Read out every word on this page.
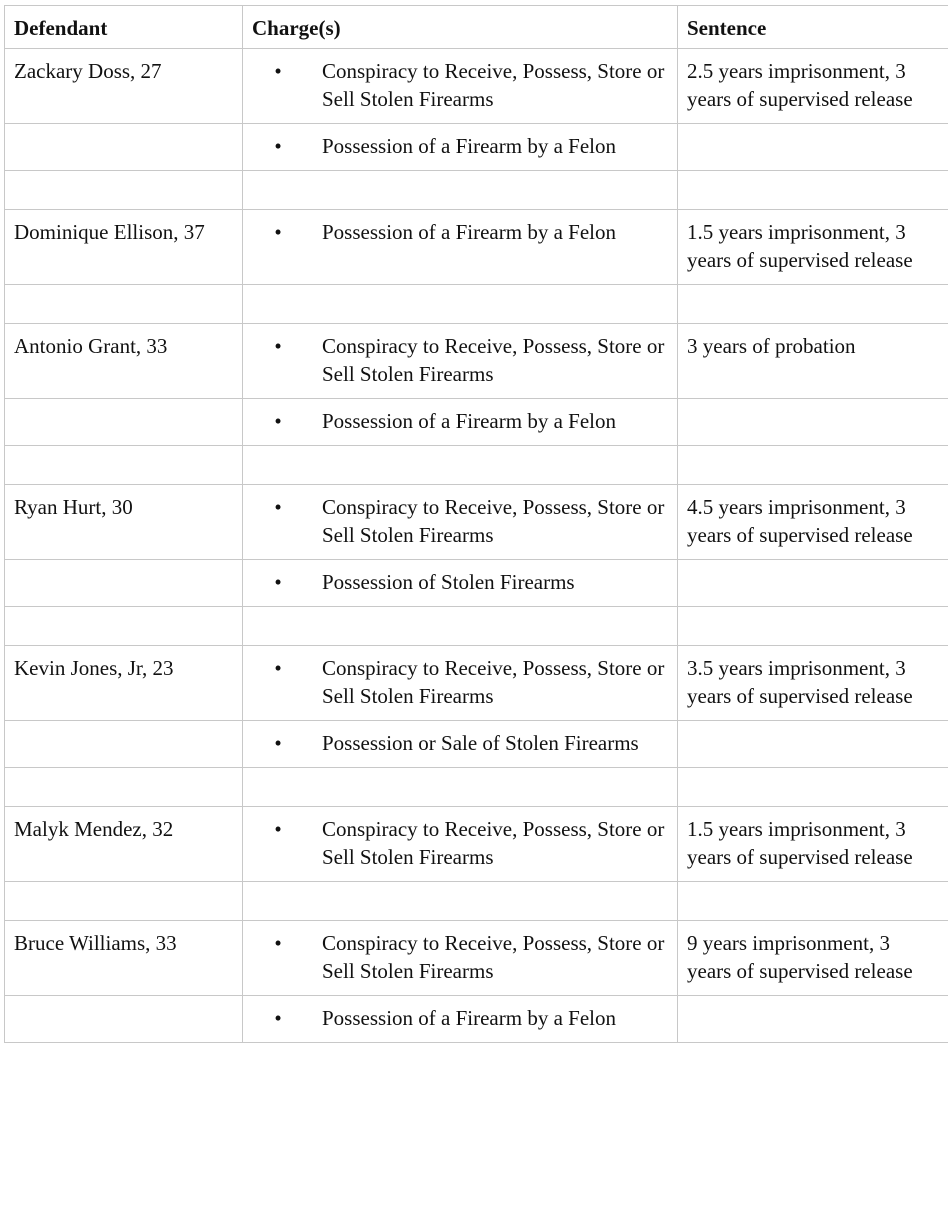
Defendant	Charge(s)	Sentence
Zackary Doss, 27	• Conspiracy to Receive, Possess, Store or Sell Stolen Firearms	2.5 years imprisonment, 3 years of supervised release

	• Possession of a Firearm by a Felon	

Dominique Ellison, 37	• Possession of a Firearm by a Felon	1.5 years imprisonment, 3 years of supervised release

Antonio Grant, 33	• Conspiracy to Receive, Possess, Store or Sell Stolen Firearms	3 years of probation

	• Possession of a Firearm by a Felon	

Ryan Hurt, 30	• Conspiracy to Receive, Possess, Store or Sell Stolen Firearms	4.5 years imprisonment, 3 years of supervised release

	• Possession of Stolen Firearms	

Kevin Jones, Jr, 23	• Conspiracy to Receive, Possess, Store or Sell Stolen Firearms	3.5 years imprisonment, 3 years of supervised release

	• Possession or Sale of Stolen Firearms	

Malyk Mendez, 32	• Conspiracy to Receive, Possess, Store or Sell Stolen Firearms	1.5 years imprisonment, 3 years of supervised release

Bruce Williams, 33	• Conspiracy to Receive, Possess, Store or Sell Stolen Firearms	9 years imprisonment, 3 years of supervised release

	• Possession of a Firearm by a Felon	
